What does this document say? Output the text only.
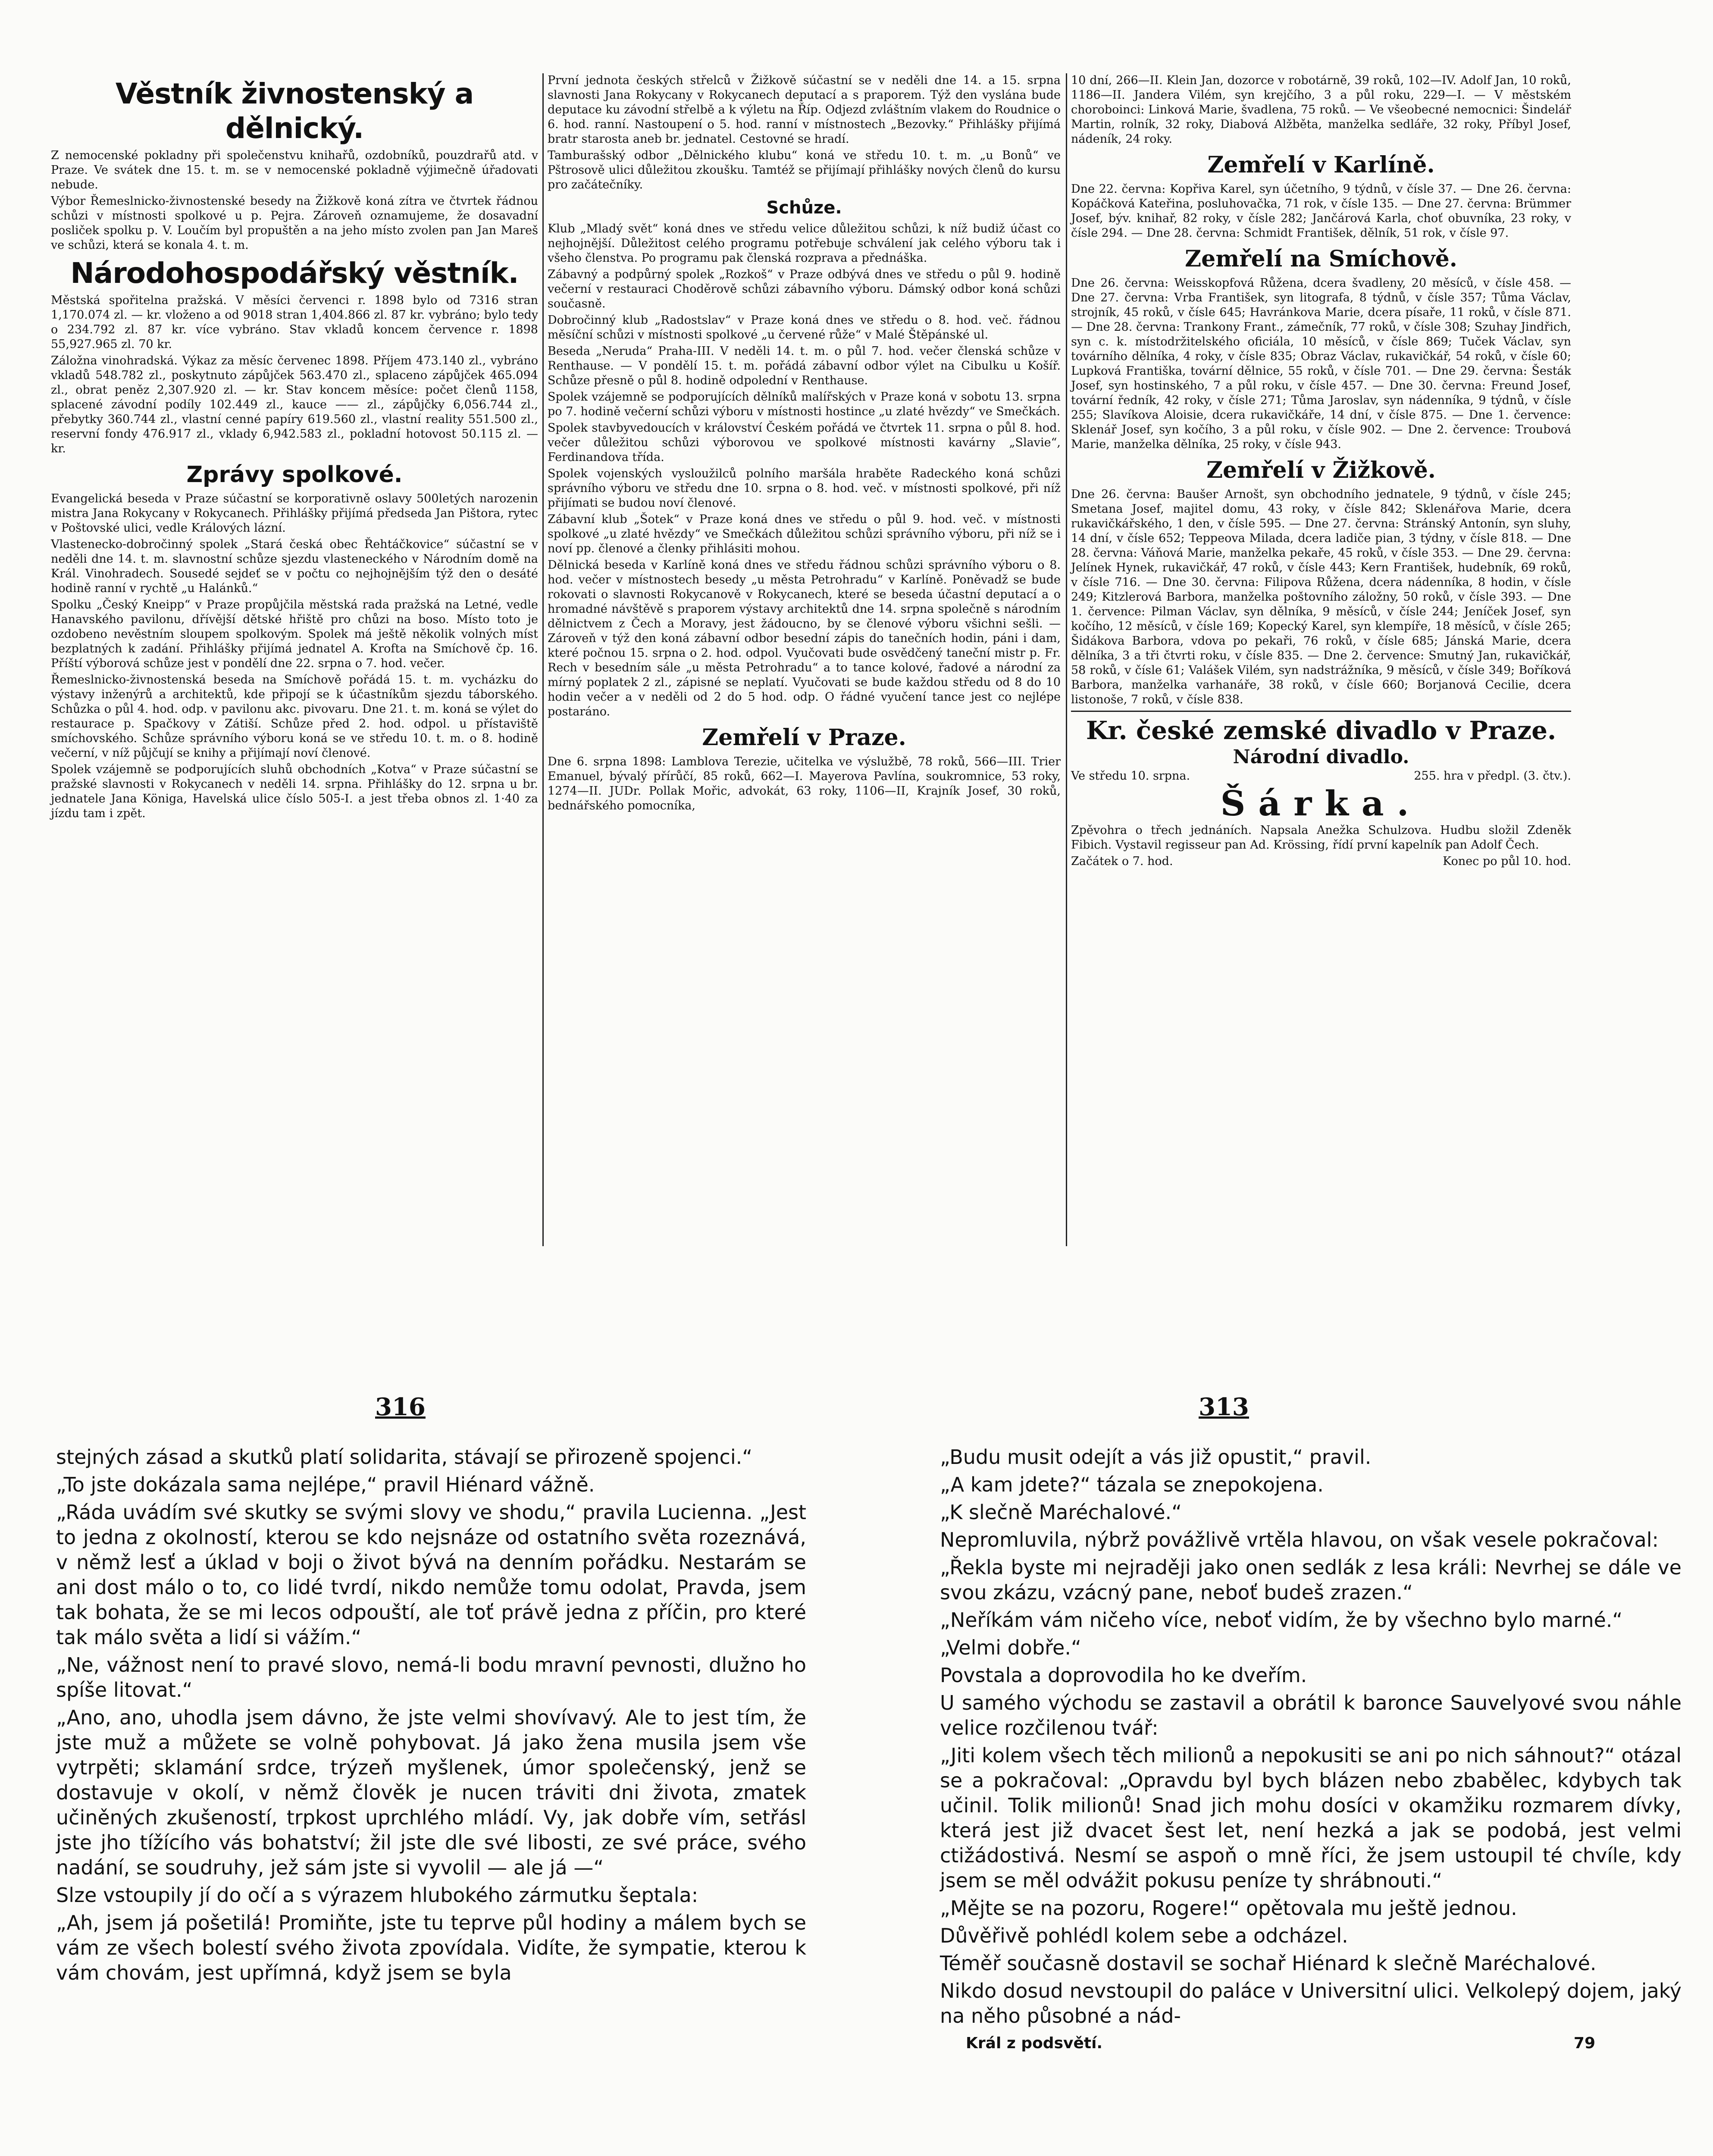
Věstník živnostenský a dělnický.

Z nemocenské pokladny při společenstvu knihařů, ozdobníků, pouzdrařů atd. v Praze. Ve svátek dne 15. t. m. se v nemocenské pokladně výjimečně úřadovati nebude.

Výbor Řemeslnicko-živnostenské besedy na Žižkově koná zítra ve čtvrtek řádnou schůzi v místnosti spolkové u p. Pejra. Zároveň oznamujeme, že dosavadní posliček spolku p. V. Loučím byl propuštěn a na jeho místo zvolen pan Jan Mareš ve schůzi, která se konala 4. t. m.

Národohospodářský věstník.

Městská spořitelna pražská. V měsíci červenci r. 1898 bylo od 7316 stran 1,170.074 zl. — kr. vloženo a od 9018 stran 1,404.866 zl. 87 kr. vybráno; bylo tedy o 234.792 zl. 87 kr. více vybráno. Stav vkladů koncem července r. 1898 55,927.965 zl. 70 kr.

Záložna vinohradská. Výkaz za měsíc červenec 1898. Příjem 473.140 zl., vybráno vkladů 548.782 zl., poskytnuto zápůjček 563.470 zl., splaceno zápůjček 465.094 zl., obrat peněz 2,307.920 zl. — kr. Stav koncem měsíce: počet členů 1158, splacené závodní podíly 102.449 zl., kauce —— zl., zápůjčky 6,056.744 zl., přebytky 360.744 zl., vlastní cenné papíry 619.560 zl., vlastní reality 551.500 zl., reservní fondy 476.917 zl., vklady 6,942.583 zl., pokladní hotovost 50.115 zl. — kr.

Zprávy spolkové.

Evangelická beseda v Praze súčastní se korporativně oslavy 500letých narozenin mistra Jana Rokycany v Rokycanech. Přihlášky přijímá předseda Jan Pištora, rytec v Poštovské ulici, vedle Králových lázní.

Vlastenecko-dobročinný spolek „Stará česká obec Řehtáčkovice“ súčastní se v neděli dne 14. t. m. slavnostní schůze sjezdu vlasteneckého v Národním domě na Král. Vinohradech. Sousedé sejdeť se v počtu co nejhojnějším týž den o desáté hodině ranní v rychtě „u Halánků.“

Spolku „Český Kneipp“ v Praze propůjčila městská rada pražská na Letné, vedle Hanavského pavilonu, dřívější dětské hřiště pro chůzi na boso. Místo toto je ozdobeno nevěstním sloupem spolkovým. Spolek má ještě několik volných míst bezplatných k zadání. Přihlášky přijímá jednatel A. Krofta na Smíchově čp. 16. Příští výborová schůze jest v pondělí dne 22. srpna o 7. hod. večer.

Řemeslnicko-živnostenská beseda na Smíchově pořádá 15. t. m. vycházku do výstavy inženýrů a architektů, kde připojí se k účastníkům sjezdu táborského. Schůzka o půl 4. hod. odp. v pavilonu akc. pivovaru. Dne 21. t. m. koná se výlet do restaurace p. Spačkovy v Zátiší. Schůze před 2. hod. odpol. u přístaviště smíchovského. Schůze správního výboru koná se ve středu 10. t. m. o 8. hodině večerní, v níž půjčují se knihy a přijímají noví členové.

Spolek vzájemně se podporujících sluhů obchodních „Kotva“ v Praze súčastní se pražské slavnosti v Rokycanech v neděli 14. srpna. Přihlášky do 12. srpna u br. jednatele Jana Königa, Havelská ulice číslo 505-I. a jest třeba obnos zl. 1·40 za jízdu tam i zpět.

První jednota českých střelců v Žižkově súčastní se v neděli dne 14. a 15. srpna slavnosti Jana Rokycany v Rokycanech deputací a s praporem. Týž den vyslána bude deputace ku závodní střelbě a k výletu na Říp. Odjezd zvláštním vlakem do Roudnice o 6. hod. ranní. Nastoupení o 5. hod. ranní v místnostech „Bezovky.“ Přihlášky přijímá bratr starosta aneb br. jednatel. Cestovné se hradí.

Tamburašský odbor „Dělnického klubu“ koná ve středu 10. t. m. „u Bonů“ ve Pštrosově ulici důležitou zkoušku. Tamtéž se přijímají přihlášky nových členů do kursu pro začátečníky.

Schůze.

Klub „Mladý svět“ koná dnes ve středu velice důležitou schůzi, k níž budiž účast co nejhojnější. Důležitost celého programu potřebuje schválení jak celého výboru tak i všeho členstva. Po programu pak členská rozprava a přednáška.

Zábavný a podpůrný spolek „Rozkoš“ v Praze odbývá dnes ve středu o půl 9. hodině večerní v restauraci Choděrově schůzi zábavního výboru. Dámský odbor koná schůzi současně.

Dobročinný klub „Radostslav“ v Praze koná dnes ve středu o 8. hod. več. řádnou měsíční schůzi v místnosti spolkové „u červené růže“ v Malé Štěpánské ul.

Beseda „Neruda“ Praha-III. V neděli 14. t. m. o půl 7. hod. večer členská schůze v Renthause. — V pondělí 15. t. m. pořádá zábavní odbor výlet na Cibulku u Košíř. Schůze přesně o půl 8. hodině odpolední v Renthause.

Spolek vzájemně se podporujících dělníků malířských v Praze koná v sobotu 13. srpna po 7. hodině večerní schůzi výboru v místnosti hostince „u zlaté hvězdy“ ve Smečkách.

Spolek stavbyvedoucích v království Českém pořádá ve čtvrtek 11. srpna o půl 8. hod. večer důležitou schůzi výborovou ve spolkové místnosti kavárny „Slavie“, Ferdinandova třída.

Spolek vojenských vysloužilců polního maršála hraběte Radeckého koná schůzi správního výboru ve středu dne 10. srpna o 8. hod. več. v místnosti spolkové, při níž přijímati se budou noví členové.

Zábavní klub „Šotek“ v Praze koná dnes ve středu o půl 9. hod. več. v místnosti spolkové „u zlaté hvězdy“ ve Smečkách důležitou schůzi správního výboru, při níž se i noví pp. členové a členky přihlásiti mohou.

Dělnická beseda v Karlíně koná dnes ve středu řádnou schůzi správního výboru o 8. hod. večer v místnostech besedy „u města Petrohradu“ v Karlíně. Poněvadž se bude rokovati o slavnosti Rokycanově v Rokycanech, které se beseda účastní deputací a o hromadné návštěvě s praporem výstavy architektů dne 14. srpna společně s národním dělnictvem z Čech a Moravy, jest žádoucno, by se členové výboru všichni sešli. — Zároveň v týž den koná zábavní odbor besední zápis do tanečních hodin, páni i dam, které počnou 15. srpna o 2. hod. odpol. Vyučovati bude osvědčený taneční mistr p. Fr. Rech v besedním sále „u města Petrohradu“ a to tance kolové, řadové a národní za mírný poplatek 2 zl., zápisné se neplatí. Vyučovati se bude každou středu od 8 do 10 hodin večer a v neděli od 2 do 5 hod. odp. O řádné vyučení tance jest co nejlépe postaráno.

Zemřelí v Praze.

Dne 6. srpna 1898: Lamblova Terezie, učitelka ve výslužbě, 78 roků, 566—III. Trier Emanuel, bývalý přírůčí, 85 roků, 662—I. Mayerova Pavlína, soukromnice, 53 roky, 1274—II. JUDr. Pollak Mořic, advokát, 63 roky, 1106—II, Krajník Josef, 30 roků, bednářského pomocníka,

10 dní, 266—II. Klein Jan, dozorce v robotárně, 39 roků, 102—IV. Adolf Jan, 10 roků, 1186—II. Jandera Vilém, syn krejčího, 3 a půl roku, 229—I. — V městském choroboinci: Linková Marie, švadlena, 75 roků. — Ve všeobecné nemocnici: Šindelář Martin, rolník, 32 roky, Diabová Alžběta, manželka sedláře, 32 roky, Příbyl Josef, nádeník, 24 roky.

Zemřelí v Karlíně.

Dne 22. června: Kopřiva Karel, syn účetního, 9 týdnů, v čísle 37. — Dne 26. června: Kopáčková Kateřina, posluhovačka, 71 rok, v čísle 135. — Dne 27. června: Brümmer Josef, býv. knihař, 82 roky, v čísle 282; Jančárová Karla, choť obuvníka, 23 roky, v čísle 294. — Dne 28. června: Schmidt František, dělník, 51 rok, v čísle 97.

Zemřelí na Smíchově.

Dne 26. června: Weisskopfová Růžena, dcera švadleny, 20 měsíců, v čísle 458. — Dne 27. června: Vrba František, syn litografa, 8 týdnů, v čísle 357; Tůma Václav, strojník, 45 roků, v čísle 645; Havránkova Marie, dcera písaře, 11 roků, v čísle 871. — Dne 28. června: Trankony Frant., zámečník, 77 roků, v čísle 308; Szuhay Jindřich, syn c. k. místodržitelského oficiála, 10 měsíců, v čísle 869; Tuček Václav, syn továrního dělníka, 4 roky, v čísle 835; Obraz Václav, rukavičkář, 54 roků, v čísle 60; Lupková Františka, tovární dělnice, 55 roků, v čísle 701. — Dne 29. června: Šesták Josef, syn hostinského, 7 a půl roku, v čísle 457. — Dne 30. června: Freund Josef, tovární ředník, 42 roky, v čísle 271; Tůma Jaroslav, syn nádenníka, 9 týdnů, v čísle 255; Slavíkova Aloisie, dcera rukavičkáře, 14 dní, v čísle 875. — Dne 1. července: Sklenář Josef, syn kočího, 3 a půl roku, v čísle 902. — Dne 2. července: Troubová Marie, manželka dělníka, 25 roky, v čísle 943.

Zemřelí v Žižkově.

Dne 26. června: Baušer Arnošt, syn obchodního jednatele, 9 týdnů, v čísle 245; Smetana Josef, majitel domu, 43 roky, v čísle 842; Sklenářova Marie, dcera rukavičkářského, 1 den, v čísle 595. — Dne 27. června: Stránský Antonín, syn sluhy, 14 dní, v čísle 652; Teppeova Milada, dcera ladiče pian, 3 týdny, v čísle 818. — Dne 28. června: Váňová Marie, manželka pekaře, 45 roků, v čísle 353. — Dne 29. června: Jelínek Hynek, rukavičkář, 47 roků, v čísle 443; Kern František, hudebník, 69 roků, v čísle 716. — Dne 30. června: Filipova Růžena, dcera nádenníka, 8 hodin, v čísle 249; Kitzlerová Barbora, manželka poštovního záložny, 50 roků, v čísle 393. — Dne 1. července: Pilman Václav, syn dělníka, 9 měsíců, v čísle 244; Jeníček Josef, syn kočího, 12 měsíců, v čísle 169; Kopecký Karel, syn klempíře, 18 měsíců, v čísle 265; Šidákova Barbora, vdova po pekaři, 76 roků, v čísle 685; Jánská Marie, dcera dělníka, 3 a tři čtvrti roku, v čísle 835. — Dne 2. července: Smutný Jan, rukavičkář, 58 roků, v čísle 61; Valášek Vilém, syn nadstrážníka, 9 měsíců, v čísle 349; Boříková Barbora, manželka varhanáře, 38 roků, v čísle 660; Borjanová Cecilie, dcera listonoše, 7 roků, v čísle 838.

Kr. české zemské divadlo v Praze.
Národní divadlo.
Ve středu 10. srpna.	255. hra v předpl. (3. čtv.).
Šárka.

Zpěvohra o třech jednáních. Napsala Anežka Schulzova. Hudbu složil Zdeněk Fibich. Vystavil regisseur pan Ad. Krössing, řídí první kapelník pan Adolf Čech.

Začátek o 7. hod.	Konec po půl 10. hod.
316	313

stejných zásad a skutků platí solidarita, stávají se přirozeně spojenci.“

„To jste dokázala sama nejlépe,“ pravil Hiénard vážně.

„Ráda uvádím své skutky se svými slovy ve shodu,“ pravila Lucienna. „Jest to jedna z okolností, kterou se kdo nejsnáze od ostatního světa rozeznává, v němž lesť a úklad v boji o život bývá na denním pořádku. Nestarám se ani dost málo o to, co lidé tvrdí, nikdo nemůže tomu odolat, Pravda, jsem tak bohata, že se mi lecos odpouští, ale toť právě jedna z příčin, pro které tak málo světa a lidí si vážím.“

„Ne, vážnost není to pravé slovo, nemá-li bodu mravní pevnosti, dlužno ho spíše litovat.“

„Ano, ano, uhodla jsem dávno, že jste velmi shovívavý. Ale to jest tím, že jste muž a můžete se volně pohybovat. Já jako žena musila jsem vše vytrpěti; sklamání srdce, trýzeň myšlenek, úmor společenský, jenž se dostavuje v okolí, v němž člověk je nucen tráviti dni života, zmatek učiněných zkušeností, trpkost uprchlého mládí. Vy, jak dobře vím, setřásl jste jho tížícího vás bohatství; žil jste dle své libosti, ze své práce, svého nadání, se soudruhy, jež sám jste si vyvolil — ale já —“

Slze vstoupily jí do očí a s výrazem hlubokého zármutku šeptala:

„Ah, jsem já pošetilá! Promiňte, jste tu teprve půl hodiny a málem bych se vám ze všech bolestí svého života zpovídala. Vidíte, že sympatie, kterou k vám chovám, jest upřímná, když jsem se byla

„Budu musit odejít a vás již opustit,“ pravil.

„A kam jdete?“ tázala se znepokojena.

„K slečně Maréchalové.“

Nepromluvila, nýbrž povážlivě vrtěla hlavou, on však vesele pokračoval:

„Řekla byste mi nejraději jako onen sedlák z lesa králi: Nevrhej se dále ve svou zkázu, vzácný pane, neboť budeš zrazen.“

„Neříkám vám ničeho více, neboť vidím, že by všechno bylo marné.“

„Velmi dobře.“

Povstala a doprovodila ho ke dveřím.

U samého východu se zastavil a obrátil k baronce Sauvelyové svou náhle velice rozčilenou tvář:

„Jiti kolem všech těch milionů a nepokusiti se ani po nich sáhnout?“ otázal se a pokračoval: „Opravdu byl bych blázen nebo zbabělec, kdybych tak učinil. Tolik milionů! Snad jich mohu dosíci v okamžiku rozmarem dívky, která jest již dvacet šest let, není hezká a jak se podobá, jest velmi ctižádostivá. Nesmí se aspoň o mně říci, že jsem ustoupil té chvíle, kdy jsem se měl odvážit pokusu peníze ty shrábnouti.“

„Mějte se na pozoru, Rogere!“ opětovala mu ještě jednou.

Důvěřivě pohlédl kolem sebe a odcházel.

Téměř současně dostavil se sochař Hiénard k slečně Maréchalové.

Nikdo dosud nevstoupil do paláce v Universitní ulici. Velkolepý dojem, jaký na něho působné a nád-

Král z podsvětí.	79
